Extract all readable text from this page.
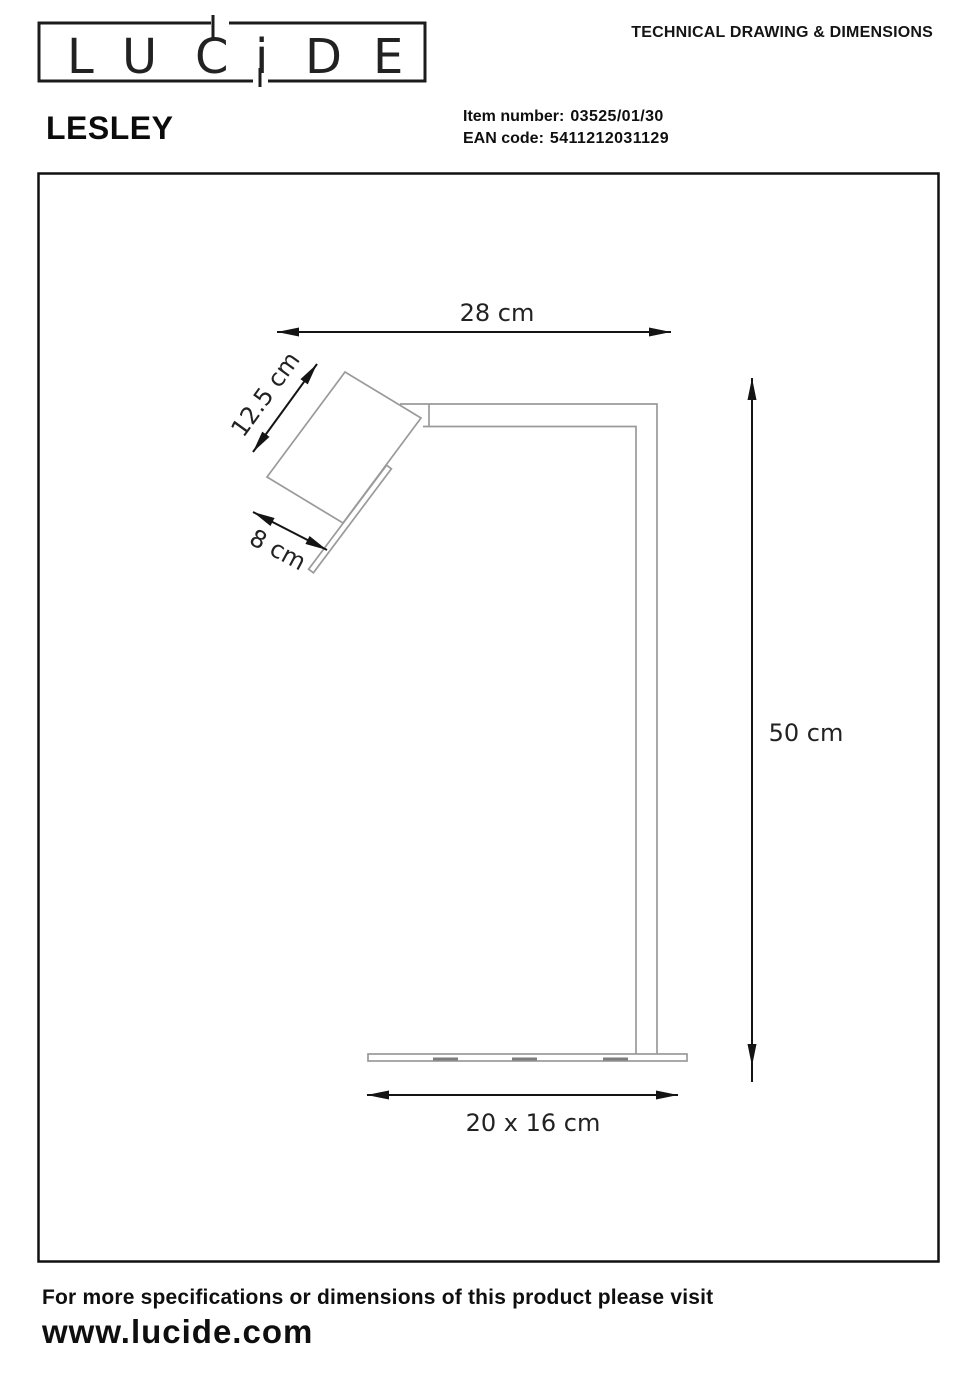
L U C i D E	TECHNICAL DRAWING & DIMENSIONS
LESLEY	Item number: 03525/01/30
EAN code: 5411212031129
28 cm
12.5 cm
8 cm
50 cm
20 x 16 cm
For more specifications or dimensions of this product please visit
www.lucide.com
